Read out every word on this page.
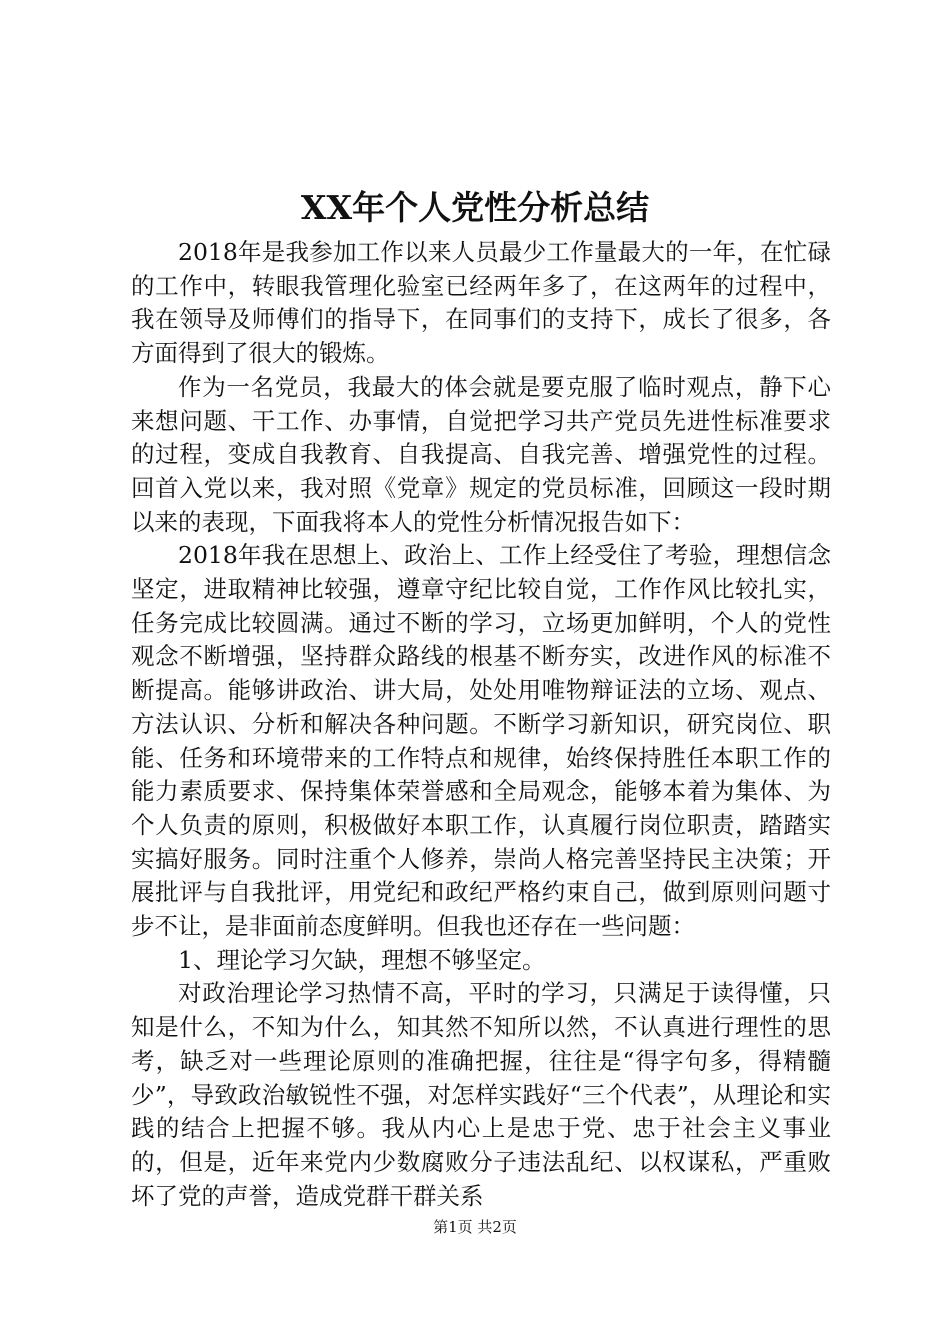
XX年个人党性分析总结

2018年是我参加工作以来人员最少工作量最大的一年，在忙碌的工作中，转眼我管理化验室已经两年多了，在这两年的过程中，我在领导及师傅们的指导下，在同事们的支持下，成长了很多，各方面得到了很大的锻炼。

作为一名党员，我最大的体会就是要克服了临时观点，静下心来想问题、干工作、办事情，自觉把学习共产党员先进性标准要求的过程，变成自我教育、自我提高、自我完善、增强党性的过程。回首入党以来，我对照《党章》规定的党员标准，回顾这一段时期以来的表现，下面我将本人的党性分析情况报告如下：

2018年我在思想上、政治上、工作上经受住了考验，理想信念坚定，进取精神比较强，遵章守纪比较自觉，工作作风比较扎实，任务完成比较圆满。通过不断的学习，立场更加鲜明，个人的党性观念不断增强，坚持群众路线的根基不断夯实，改进作风的标准不断提高。能够讲政治、讲大局，处处用唯物辩证法的立场、观点、方法认识、分析和解决各种问题。不断学习新知识，研究岗位、职能、任务和环境带来的工作特点和规律，始终保持胜任本职工作的能力素质要求、保持集体荣誉感和全局观念，能够本着为集体、为个人负责的原则，积极做好本职工作，认真履行岗位职责，踏踏实实搞好服务。同时注重个人修养，崇尚人格完善坚持民主决策；开展批评与自我批评，用党纪和政纪严格约束自己，做到原则问题寸步不让，是非面前态度鲜明。但我也还存在一些问题：

1、理论学习欠缺，理想不够坚定。

对政治理论学习热情不高，平时的学习，只满足于读得懂，只知是什么，不知为什么，知其然不知所以然，不认真进行理性的思考，缺乏对一些理论原则的准确把握，往往是“得字句多，得精髓少”，导致政治敏锐性不强，对怎样实践好“三个代表”，从理论和实践的结合上把握不够。我从内心上是忠于党、忠于社会主义事业的，但是，近年来党内少数腐败分子违法乱纪、以权谋私，严重败坏了党的声誉，造成党群干群关系

第1页 共2页
